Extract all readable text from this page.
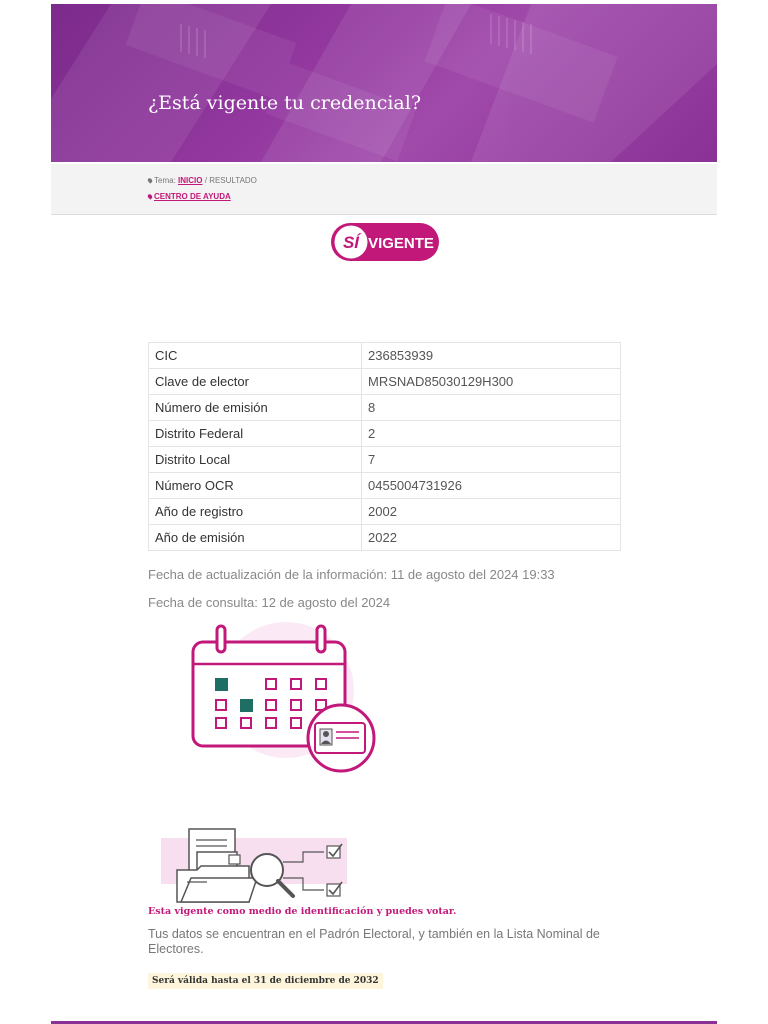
¿Está vigente tu credencial?
Tema: INICIO / RESULTADO
CENTRO DE AYUDA
SÍ VIGENTE
CIC	236853939
Clave de elector	MRSNAD85030129H300
Número de emisión	8
Distrito Federal	2
Distrito Local	7
Número OCR	0455004731926
Año de registro	2002
Año de emisión	2022
Fecha de actualización de la información: 11 de agosto del 2024 19:33
Fecha de consulta: 12 de agosto del 2024
Esta vigente como medio de identificación y puedes votar.
Tus datos se encuentran en el Padrón Electoral, y también en la Lista Nominal de Electores.
Será válida hasta el 31 de diciembre de 2032
